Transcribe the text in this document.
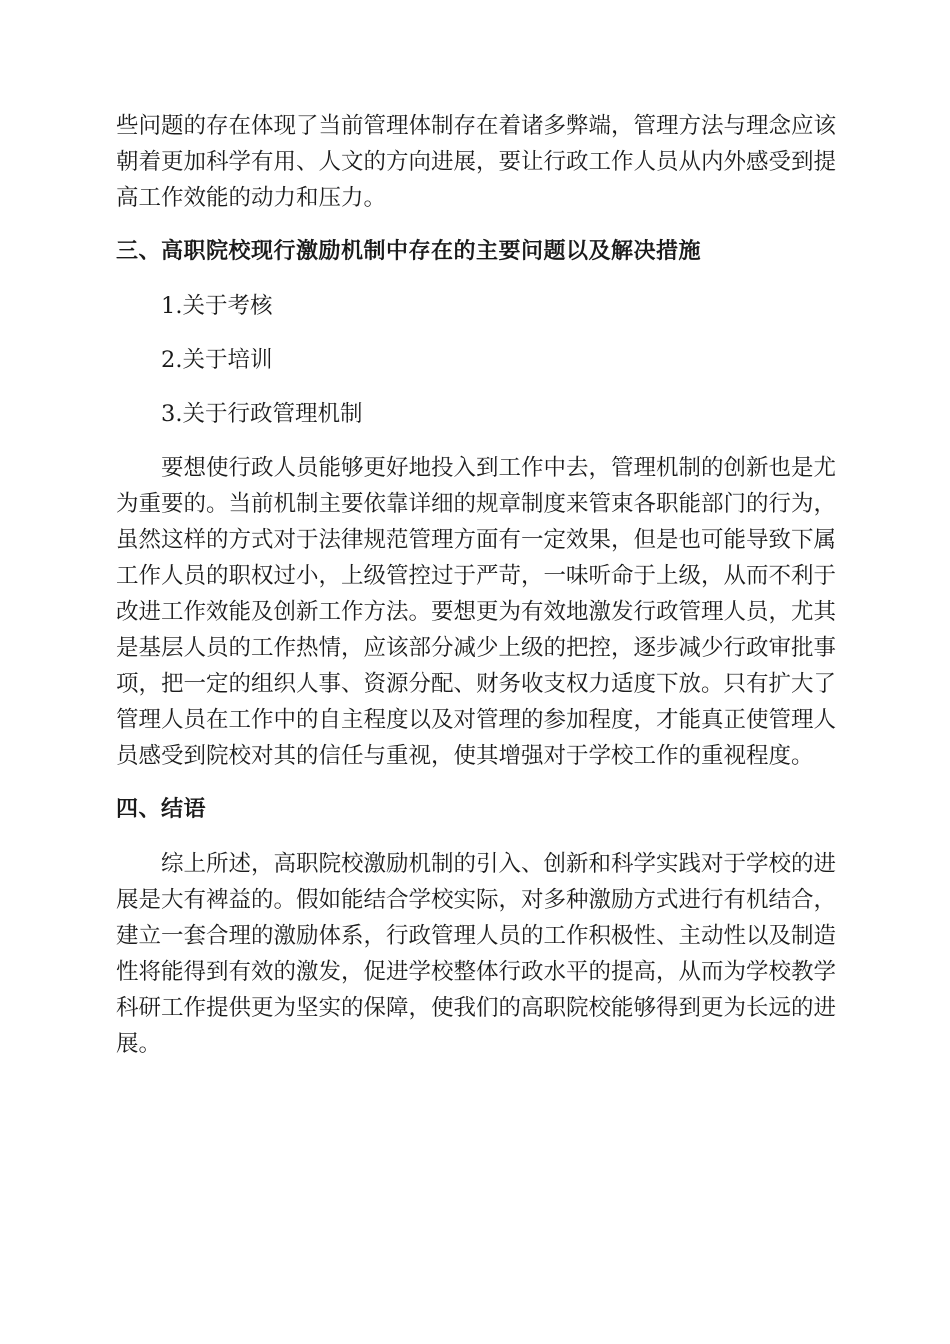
些问题的存在体现了当前管理体制存在着诸多弊端，管理方法与理念应该
朝着更加科学有用、人文的方向进展，要让行政工作人员从内外感受到提
高工作效能的动力和压力。
三、高职院校现行激励机制中存在的主要问题以及解决措施
1.关于考核
2.关于培训
3.关于行政管理机制
要想使行政人员能够更好地投入到工作中去，管理机制的创新也是尤
为重要的。当前机制主要依靠详细的规章制度来管束各职能部门的行为，
虽然这样的方式对于法律规范管理方面有一定效果，但是也可能导致下属
工作人员的职权过小，上级管控过于严苛，一味听命于上级，从而不利于
改进工作效能及创新工作方法。要想更为有效地激发行政管理人员，尤其
是基层人员的工作热情，应该部分减少上级的把控，逐步减少行政审批事
项，把一定的组织人事、资源分配、财务收支权力适度下放。只有扩大了
管理人员在工作中的自主程度以及对管理的参加程度，才能真正使管理人
员感受到院校对其的信任与重视，使其增强对于学校工作的重视程度。
四、结语
综上所述，高职院校激励机制的引入、创新和科学实践对于学校的进
展是大有裨益的。假如能结合学校实际，对多种激励方式进行有机结合，
建立一套合理的激励体系，行政管理人员的工作积极性、主动性以及制造
性将能得到有效的激发，促进学校整体行政水平的提高，从而为学校教学
科研工作提供更为坚实的保障，使我们的高职院校能够得到更为长远的进
展。
